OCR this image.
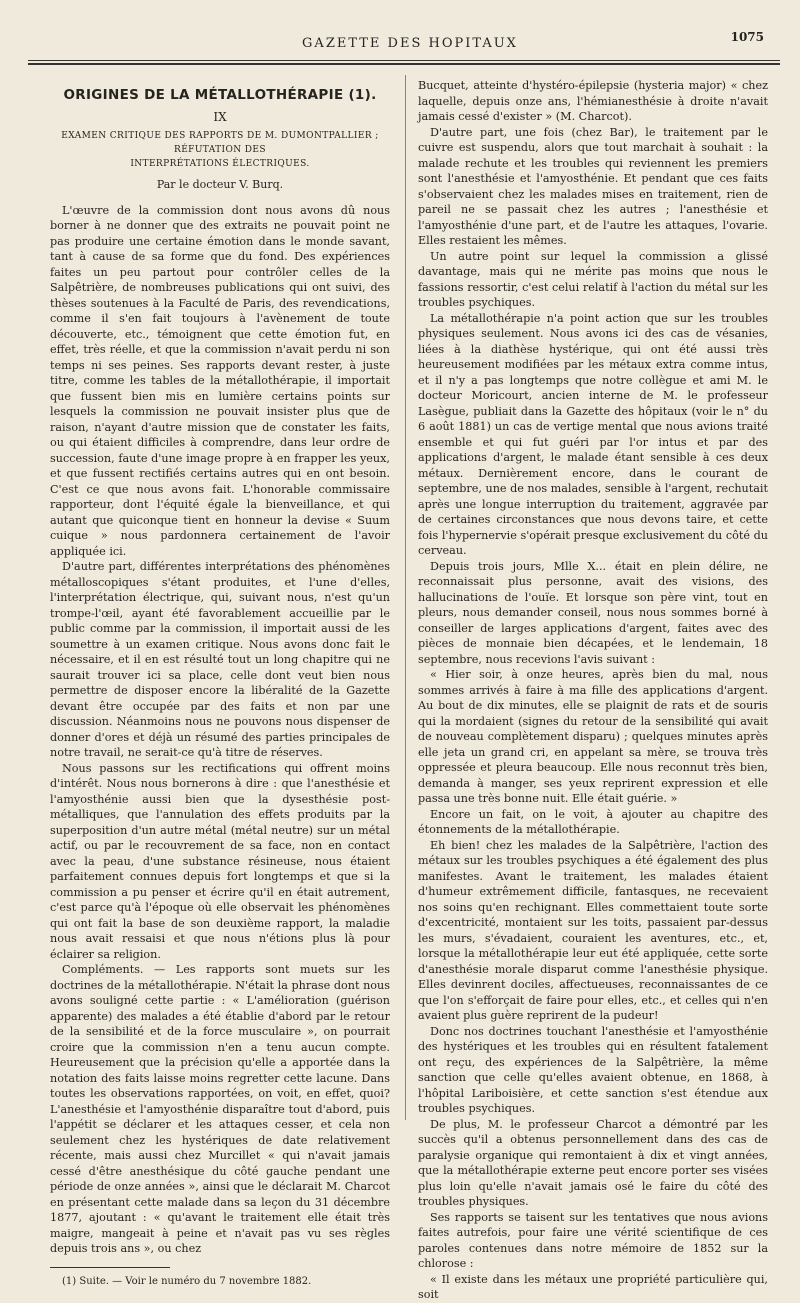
GAZETTE DES HOPITAUX	1075
ORIGINES DE LA MÉTALLOTHÉRAPIE (1).
IX
EXAMEN CRITIQUE DES RAPPORTS DE M. DUMONTPALLIER ; RÉFUTATION DES
INTERPRÉTATIONS ÉLECTRIQUES.
Par le docteur V. Burq.

L'œuvre de la commission dont nous avons dû nous borner à ne donner que des extraits ne pouvait point ne pas produire une certaine émotion dans le monde savant, tant à cause de sa forme que du fond. Des expériences faites un peu partout pour contrôler celles de la Salpêtrière, de nombreuses publications qui ont suivi, des thèses soutenues à la Faculté de Paris, des revendications, comme il s'en fait toujours à l'avènement de toute découverte, etc., témoignent que cette émotion fut, en effet, très réelle, et que la commission n'avait perdu ni son temps ni ses peines. Ses rapports devant rester, à juste titre, comme les tables de la métallothérapie, il importait que fussent bien mis en lumière certains points sur lesquels la commission ne pouvait insister plus que de raison, n'ayant d'autre mission que de constater les faits, ou qui étaient difficiles à comprendre, dans leur ordre de succession, faute d'une image propre à en frapper les yeux, et que fussent rectifiés certains autres qui en ont besoin. C'est ce que nous avons fait. L'honorable commissaire rapporteur, dont l'équité égale la bienveillance, et qui autant que quiconque tient en honneur la devise « Suum cuique » nous pardonnera certainement de l'avoir appliquée ici.

D'autre part, différentes interprétations des phénomènes métalloscopiques s'étant produites, et l'une d'elles, l'interprétation électrique, qui, suivant nous, n'est qu'un trompe-l'œil, ayant été favorablement accueillie par le public comme par la commission, il importait aussi de les soumettre à un examen critique. Nous avons donc fait le nécessaire, et il en est résulté tout un long chapitre qui ne saurait trouver ici sa place, celle dont veut bien nous permettre de disposer encore la libéralité de la Gazette devant être occupée par des faits et non par une discussion. Néanmoins nous ne pouvons nous dispenser de donner d'ores et déjà un résumé des parties principales de notre travail, ne serait-ce qu'à titre de réserves.

Nous passons sur les rectifications qui offrent moins d'intérêt. Nous nous bornerons à dire : que l'anesthésie et l'amyosthénie aussi bien que la dysesthésie post-métalliques, que l'annulation des effets produits par la superposition d'un autre métal (métal neutre) sur un métal actif, ou par le recouvrement de sa face, non en contact avec la peau, d'une substance résineuse, nous étaient parfaitement connues depuis fort longtemps et que si la commission a pu penser et écrire qu'il en était autrement, c'est parce qu'à l'époque où elle observait les phénomènes qui ont fait la base de son deuxième rapport, la maladie nous avait ressaisi et que nous n'étions plus là pour éclairer sa religion.

Compléments. — Les rapports sont muets sur les doctrines de la métallothérapie. N'était la phrase dont nous avons souligné cette partie : « L'amélioration (guérison apparente) des malades a été établie d'abord par le retour de la sensibilité et de la force musculaire », on pourrait croire que la commission n'en a tenu aucun compte. Heureusement que la précision qu'elle a apportée dans la notation des faits laisse moins regretter cette lacune. Dans toutes les observations rapportées, on voit, en effet, quoi? L'anesthésie et l'amyosthénie disparaître tout d'abord, puis l'appétit se déclarer et les attaques cesser, et cela non seulement chez les hystériques de date relativement récente, mais aussi chez Murcillet « qui n'avait jamais cessé d'être anesthésique du côté gauche pendant une période de onze années », ainsi que le déclarait M. Charcot en présentant cette malade dans sa leçon du 31 décembre 1877, ajoutant : « qu'avant le traitement elle était très maigre, mangeait à peine et n'avait pas vu ses règles depuis trois ans », ou chez

(1) Suite. — Voir le numéro du 7 novembre 1882.

Bucquet, atteinte d'hystéro-épilepsie (hysteria major) « chez laquelle, depuis onze ans, l'hémianesthésie à droite n'avait jamais cessé d'exister » (M. Charcot).

D'autre part, une fois (chez Bar), le traitement par le cuivre est suspendu, alors que tout marchait à souhait : la malade rechute et les troubles qui reviennent les premiers sont l'anesthésie et l'amyosthénie. Et pendant que ces faits s'observaient chez les malades mises en traitement, rien de pareil ne se passait chez les autres ; l'anesthésie et l'amyosthénie d'une part, et de l'autre les attaques, l'ovarie. Elles restaient les mêmes.

Un autre point sur lequel la commission a glissé davantage, mais qui ne mérite pas moins que nous le fassions ressortir, c'est celui relatif à l'action du métal sur les troubles psychiques.

La métallothérapie n'a point action que sur les troubles physiques seulement. Nous avons ici des cas de vésanies, liées à la diathèse hystérique, qui ont été aussi très heureusement modifiées par les métaux extra comme intus, et il n'y a pas longtemps que notre collègue et ami M. le docteur Moricourt, ancien interne de M. le professeur Lasègue, publiait dans la Gazette des hôpitaux (voir le n° du 6 août 1881) un cas de vertige mental que nous avions traité ensemble et qui fut guéri par l'or intus et par des applications d'argent, le malade étant sensible à ces deux métaux. Dernièrement encore, dans le courant de septembre, une de nos malades, sensible à l'argent, rechutait après une longue interruption du traitement, aggravée par de certaines circonstances que nous devons taire, et cette fois l'hypernervie s'opérait presque exclusivement du côté du cerveau.

Depuis trois jours, Mlle X... était en plein délire, ne reconnaissait plus personne, avait des visions, des hallucinations de l'ouïe. Et lorsque son père vint, tout en pleurs, nous demander conseil, nous nous sommes borné à conseiller de larges applications d'argent, faites avec des pièces de monnaie bien décapées, et le lendemain, 18 septembre, nous recevions l'avis suivant :

« Hier soir, à onze heures, après bien du mal, nous sommes arrivés à faire à ma fille des applications d'argent. Au bout de dix minutes, elle se plaignit de rats et de souris qui la mordaient (signes du retour de la sensibilité qui avait de nouveau complètement disparu) ; quelques minutes après elle jeta un grand cri, en appelant sa mère, se trouva très oppressée et pleura beaucoup. Elle nous reconnut très bien, demanda à manger, ses yeux reprirent expression et elle passa une très bonne nuit. Elle était guérie. »

Encore un fait, on le voit, à ajouter au chapitre des étonnements de la métallothérapie.

Eh bien! chez les malades de la Salpêtrière, l'action des métaux sur les troubles psychiques a été également des plus manifestes. Avant le traitement, les malades étaient d'humeur extrêmement difficile, fantasques, ne recevaient nos soins qu'en rechignant. Elles commettaient toute sorte d'excentricité, montaient sur les toits, passaient par-dessus les murs, s'évadaient, couraient les aventures, etc., et, lorsque la métallothérapie leur eut été appliquée, cette sorte d'anesthésie morale disparut comme l'anesthésie physique. Elles devinrent dociles, affectueuses, reconnaissantes de ce que l'on s'efforçait de faire pour elles, etc., et celles qui n'en avaient plus guère reprirent de la pudeur!

Donc nos doctrines touchant l'anesthésie et l'amyosthénie des hystériques et les troubles qui en résultent fatalement ont reçu, des expériences de la Salpêtrière, la même sanction que celle qu'elles avaient obtenue, en 1868, à l'hôpital Lariboisière, et cette sanction s'est étendue aux troubles psychiques.

De plus, M. le professeur Charcot a démontré par les succès qu'il a obtenus personnellement dans des cas de paralysie organique qui remontaient à dix et vingt années, que la métallothérapie externe peut encore porter ses visées plus loin qu'elle n'avait jamais osé le faire du côté des troubles physiques.

Ses rapports se taisent sur les tentatives que nous avions faites autrefois, pour faire une vérité scientifique de ces paroles contenues dans notre mémoire de 1852 sur la chlorose :

« Il existe dans les métaux une propriété particulière qui, soit
